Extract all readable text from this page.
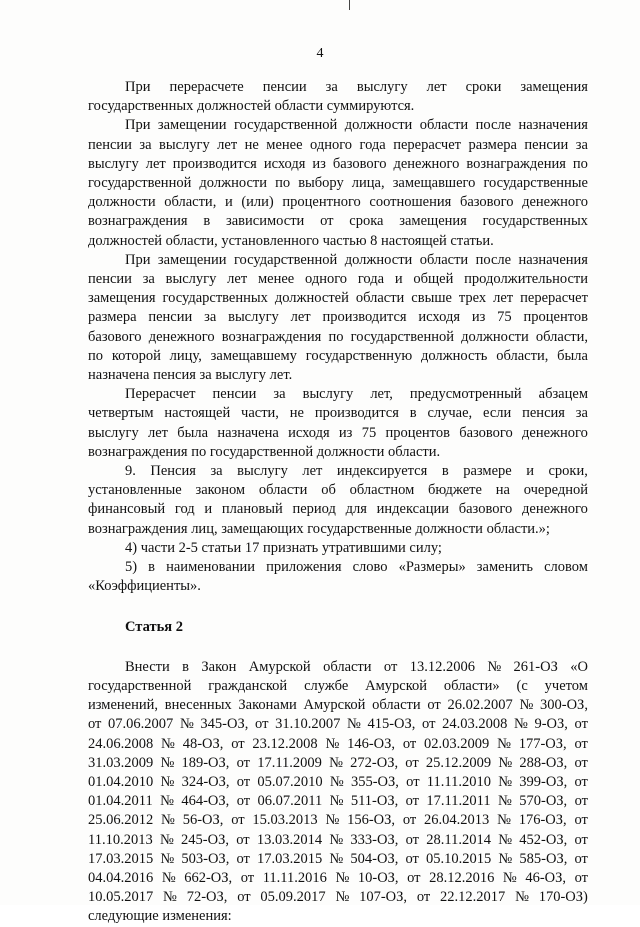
4
При перерасчете пенсии за выслугу лет сроки замещения
государственных должностей области суммируются.
При замещении государственной должности области после назначения
пенсии за выслугу лет не менее одного года перерасчет размера пенсии за
выслугу лет производится исходя из базового денежного вознаграждения по
государственной должности по выбору лица, замещавшего государственные
должности области, и (или) процентного соотношения базового денежного
вознаграждения в зависимости от срока замещения государственных
должностей области, установленного частью 8 настоящей статьи.
При замещении государственной должности области после назначения
пенсии за выслугу лет менее одного года и общей продолжительности
замещения государственных должностей области свыше трех лет перерасчет
размера пенсии за выслугу лет производится исходя из 75 процентов
базового денежного вознаграждения по государственной должности области,
по которой лицу, замещавшему государственную должность области, была
назначена пенсия за выслугу лет.
Перерасчет пенсии за выслугу лет, предусмотренный абзацем
четвертым настоящей части, не производится в случае, если пенсия за
выслугу лет была назначена исходя из 75 процентов базового денежного
вознаграждения по государственной должности области.
9. Пенсия за выслугу лет индексируется в размере и сроки,
установленные законом области об областном бюджете на очередной
финансовый год и плановый период для индексации базового денежного
вознаграждения лиц, замещающих государственные должности области.»;
4) части 2-5 статьи 17 признать утратившими силу;
5) в наименовании приложения слово «Размеры» заменить словом
«Коэффициенты».
Статья 2
Внести в Закон Амурской области от 13.12.2006 № 261-ОЗ «О
государственной гражданской службе Амурской области» (с учетом
изменений, внесенных Законами Амурской области от 26.02.2007 № 300-ОЗ,
от 07.06.2007 № 345-ОЗ, от 31.10.2007 № 415-ОЗ, от 24.03.2008 № 9-ОЗ, от
24.06.2008 № 48-ОЗ, от 23.12.2008 № 146-ОЗ, от 02.03.2009 № 177-ОЗ, от
31.03.2009 № 189-ОЗ, от 17.11.2009 № 272-ОЗ, от 25.12.2009 № 288-ОЗ, от
01.04.2010 № 324-ОЗ, от 05.07.2010 № 355-ОЗ, от 11.11.2010 № 399-ОЗ, от
01.04.2011 № 464-ОЗ, от 06.07.2011 № 511-ОЗ, от 17.11.2011 № 570-ОЗ, от
25.06.2012 № 56-ОЗ, от 15.03.2013 № 156-ОЗ, от 26.04.2013 № 176-ОЗ, от
11.10.2013 № 245-ОЗ, от 13.03.2014 № 333-ОЗ, от 28.11.2014 № 452-ОЗ, от
17.03.2015 № 503-ОЗ, от 17.03.2015 № 504-ОЗ, от 05.10.2015 № 585-ОЗ, от
04.04.2016 № 662-ОЗ, от 11.11.2016 № 10-ОЗ, от 28.12.2016 № 46-ОЗ, от
10.05.2017 № 72-ОЗ, от 05.09.2017 № 107-ОЗ, от 22.12.2017 № 170-ОЗ)
следующие изменения:
